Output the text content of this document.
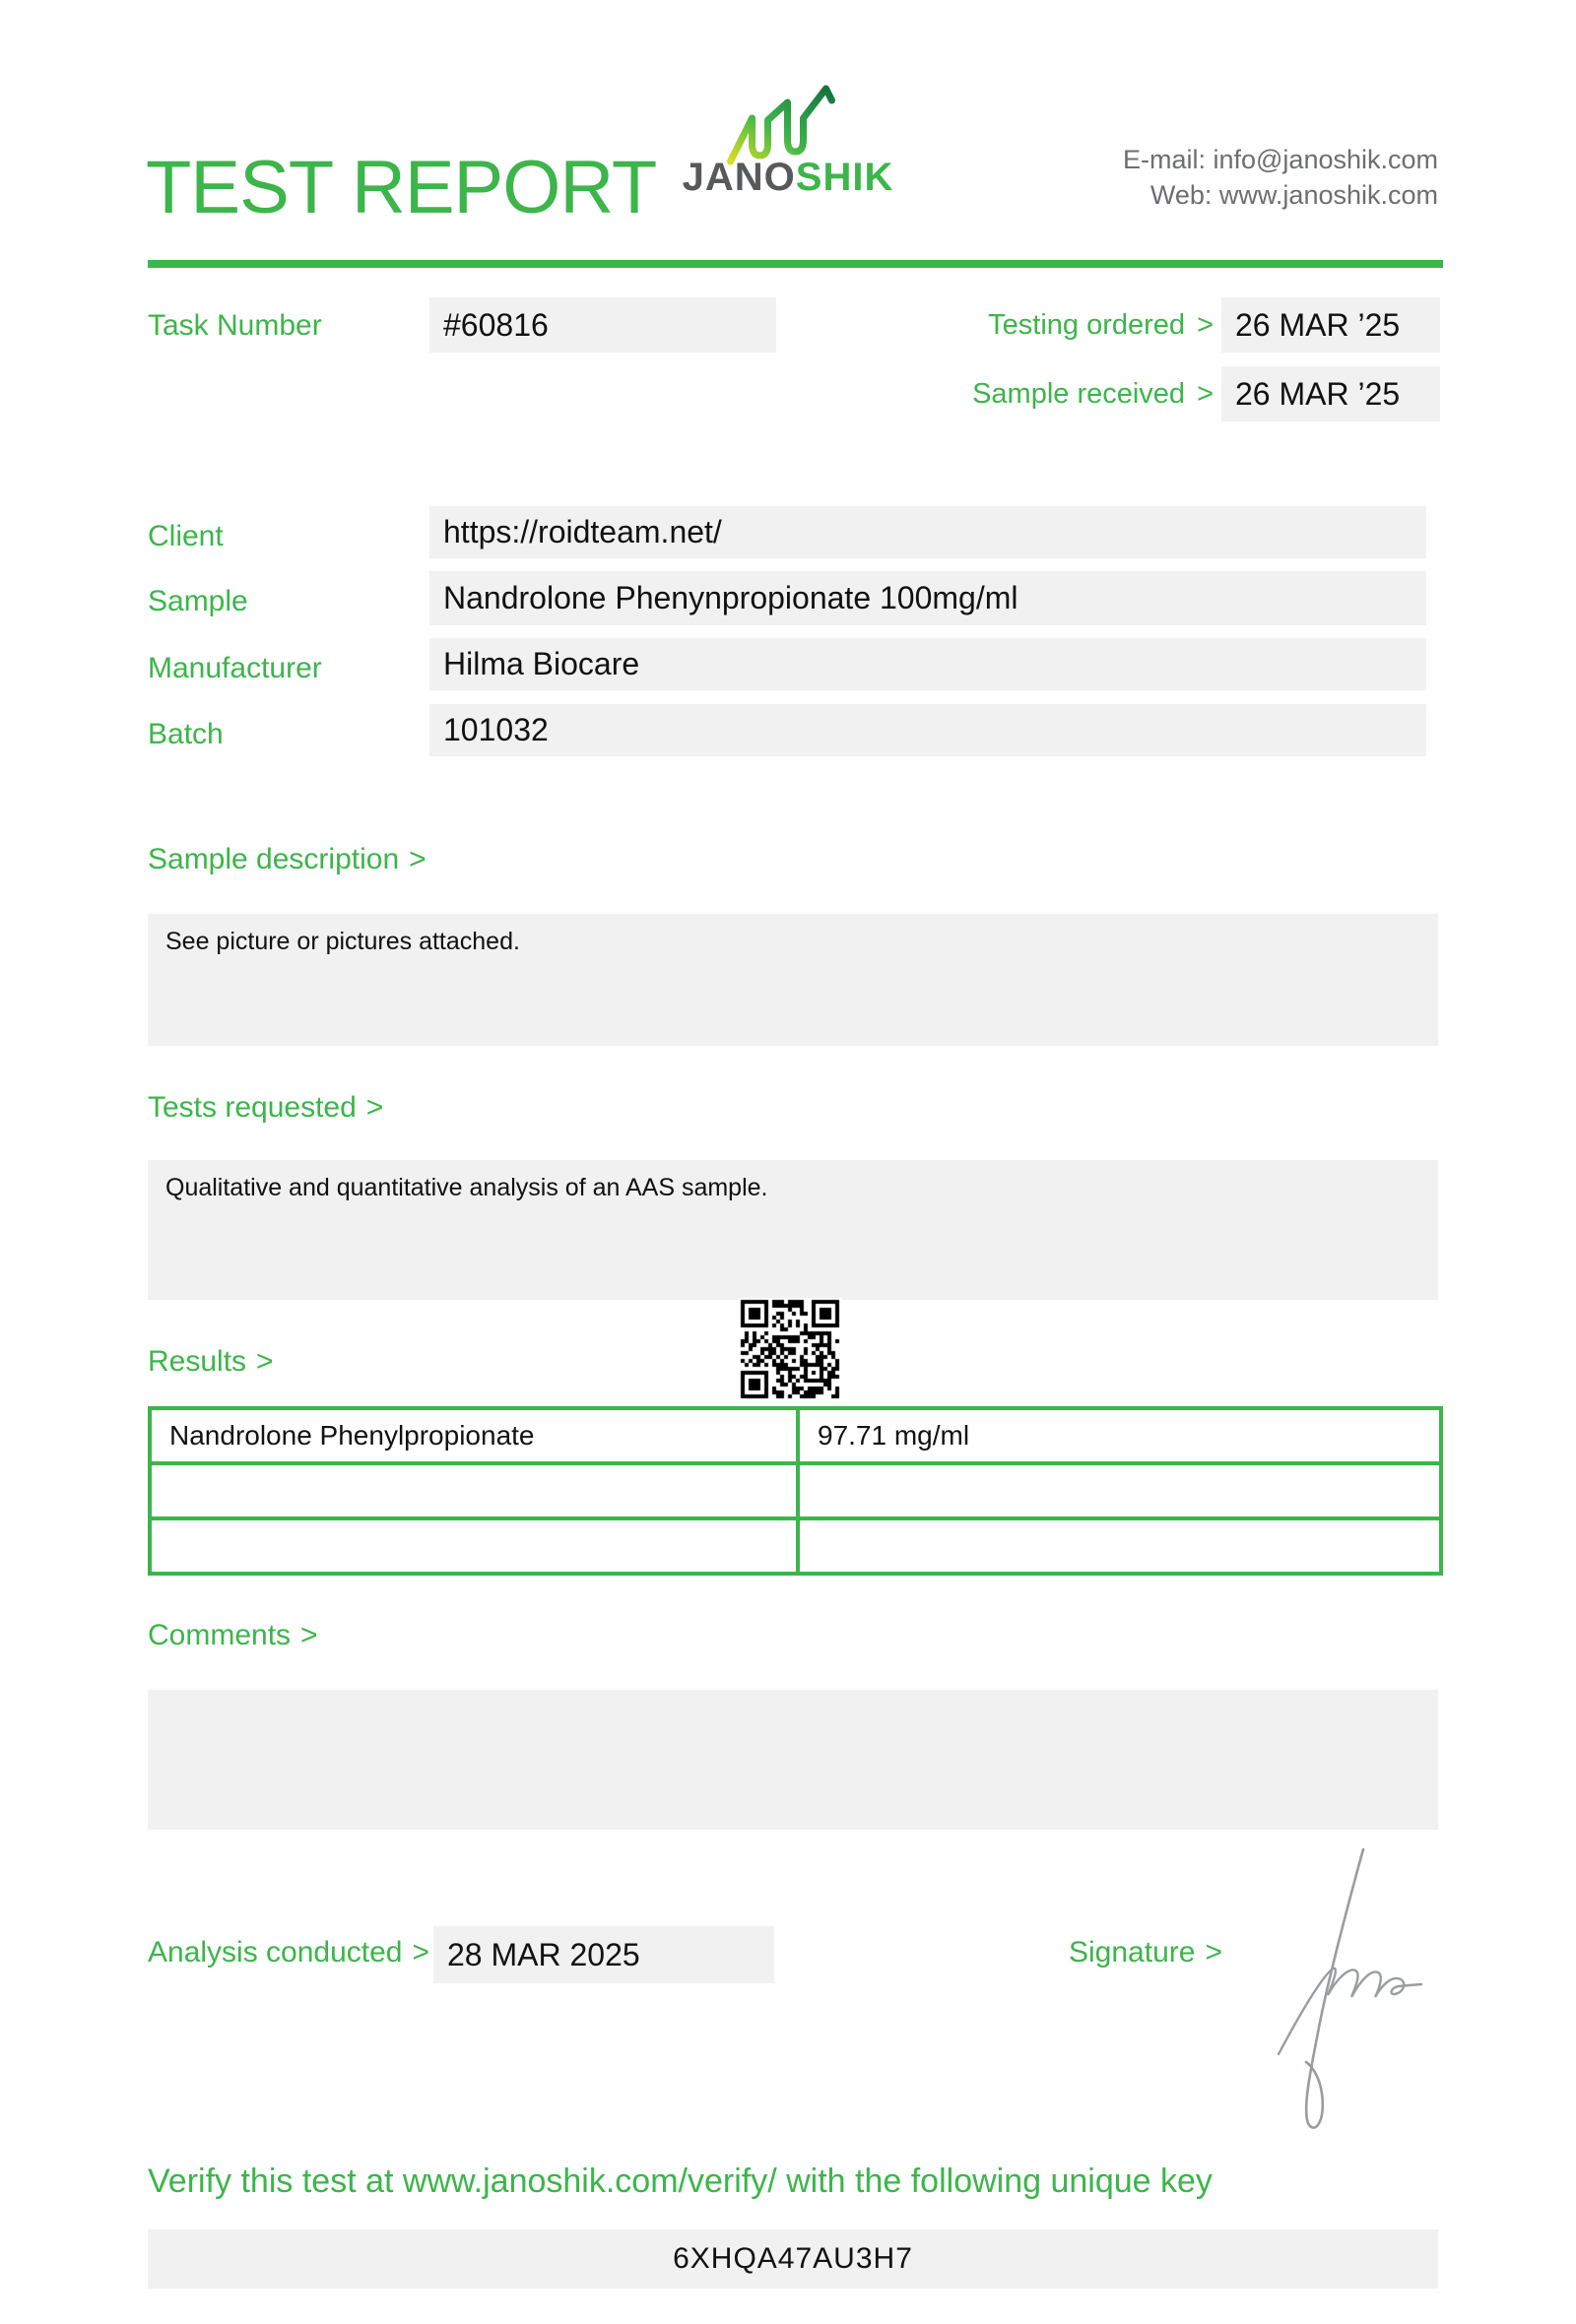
TEST REPORT JANOSHIK	E-mail: info@janoshik.com
Web: www.janoshik.com
Task Number	#60816	Testing ordered > 26 MAR ’25
Sample received > 26 MAR ’25
Client	https://roidteam.net/
Sample	Nandrolone Phenynpropionate 100mg/ml
Manufacturer	Hilma Biocare
Batch	101032
Sample description >
See picture or pictures attached.
Tests requested >
Qualitative and quantitative analysis of an AAS sample.
Results >
Nandrolone Phenylpropionate	97.71 mg/ml
Comments >
Analysis conducted > 28 MAR 2025	Signature >
Verify this test at www.janoshik.com/verify/ with the following unique key
6XHQA47AU3H7
